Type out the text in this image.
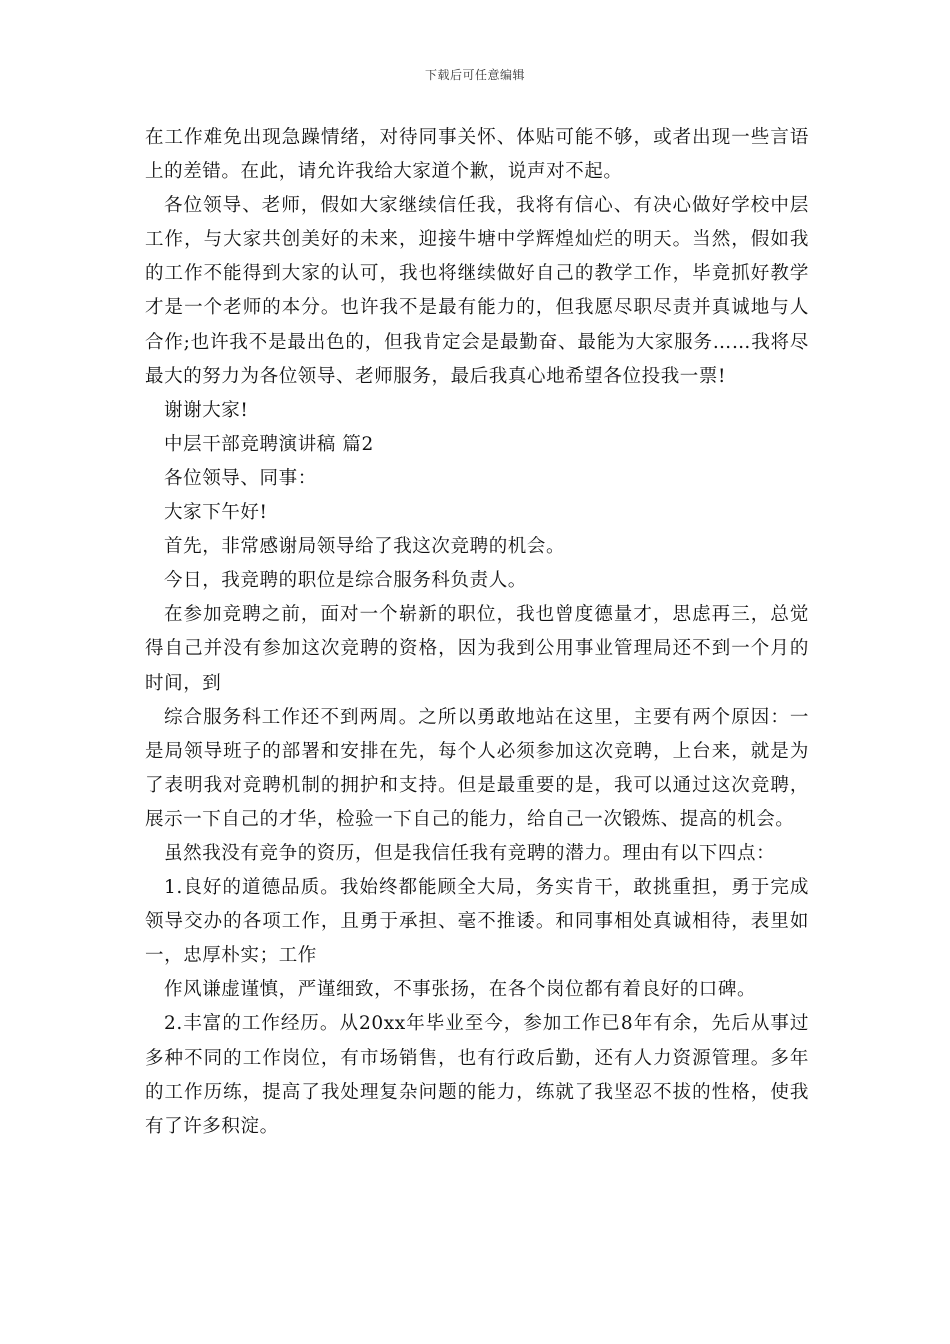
下载后可任意编辑

在工作难免出现急躁情绪，对待同事关怀、体贴可能不够，或者出现一些言语上的差错。在此，请允许我给大家道个歉，说声对不起。

各位领导、老师，假如大家继续信任我，我将有信心、有决心做好学校中层工作，与大家共创美好的未来，迎接牛塘中学辉煌灿烂的明天。当然，假如我的工作不能得到大家的认可，我也将继续做好自己的教学工作，毕竟抓好教学才是一个老师的本分。也许我不是最有能力的，但我愿尽职尽责并真诚地与人合作;也许我不是最出色的，但我肯定会是最勤奋、最能为大家服务……我将尽最大的努力为各位领导、老师服务，最后我真心地希望各位投我一票!

谢谢大家!

中层干部竞聘演讲稿 篇2

各位领导、同事：

大家下午好!

首先，非常感谢局领导给了我这次竞聘的机会。

今日，我竞聘的职位是综合服务科负责人。

在参加竞聘之前，面对一个崭新的职位，我也曾度德量才，思虑再三，总觉得自己并没有参加这次竞聘的资格，因为我到公用事业管理局还不到一个月的时间，到

综合服务科工作还不到两周。之所以勇敢地站在这里，主要有两个原因：一是局领导班子的部署和安排在先，每个人必须参加这次竞聘，上台来，就是为了表明我对竞聘机制的拥护和支持。但是最重要的是，我可以通过这次竞聘，展示一下自己的才华，检验一下自己的能力，给自己一次锻炼、提高的机会。

虽然我没有竞争的资历，但是我信任我有竞聘的潜力。理由有以下四点：

1.良好的道德品质。我始终都能顾全大局，务实肯干，敢挑重担，勇于完成领导交办的各项工作，且勇于承担、毫不推诿。和同事相处真诚相待，表里如一，忠厚朴实；工作

作风谦虚谨慎，严谨细致，不事张扬，在各个岗位都有着良好的口碑。

2.丰富的工作经历。从20xx年毕业至今，参加工作已8年有余，先后从事过多种不同的工作岗位，有市场销售，也有行政后勤，还有人力资源管理。多年的工作历练，提高了我处理复杂问题的能力，练就了我坚忍不拔的性格，使我有了许多积淀。
